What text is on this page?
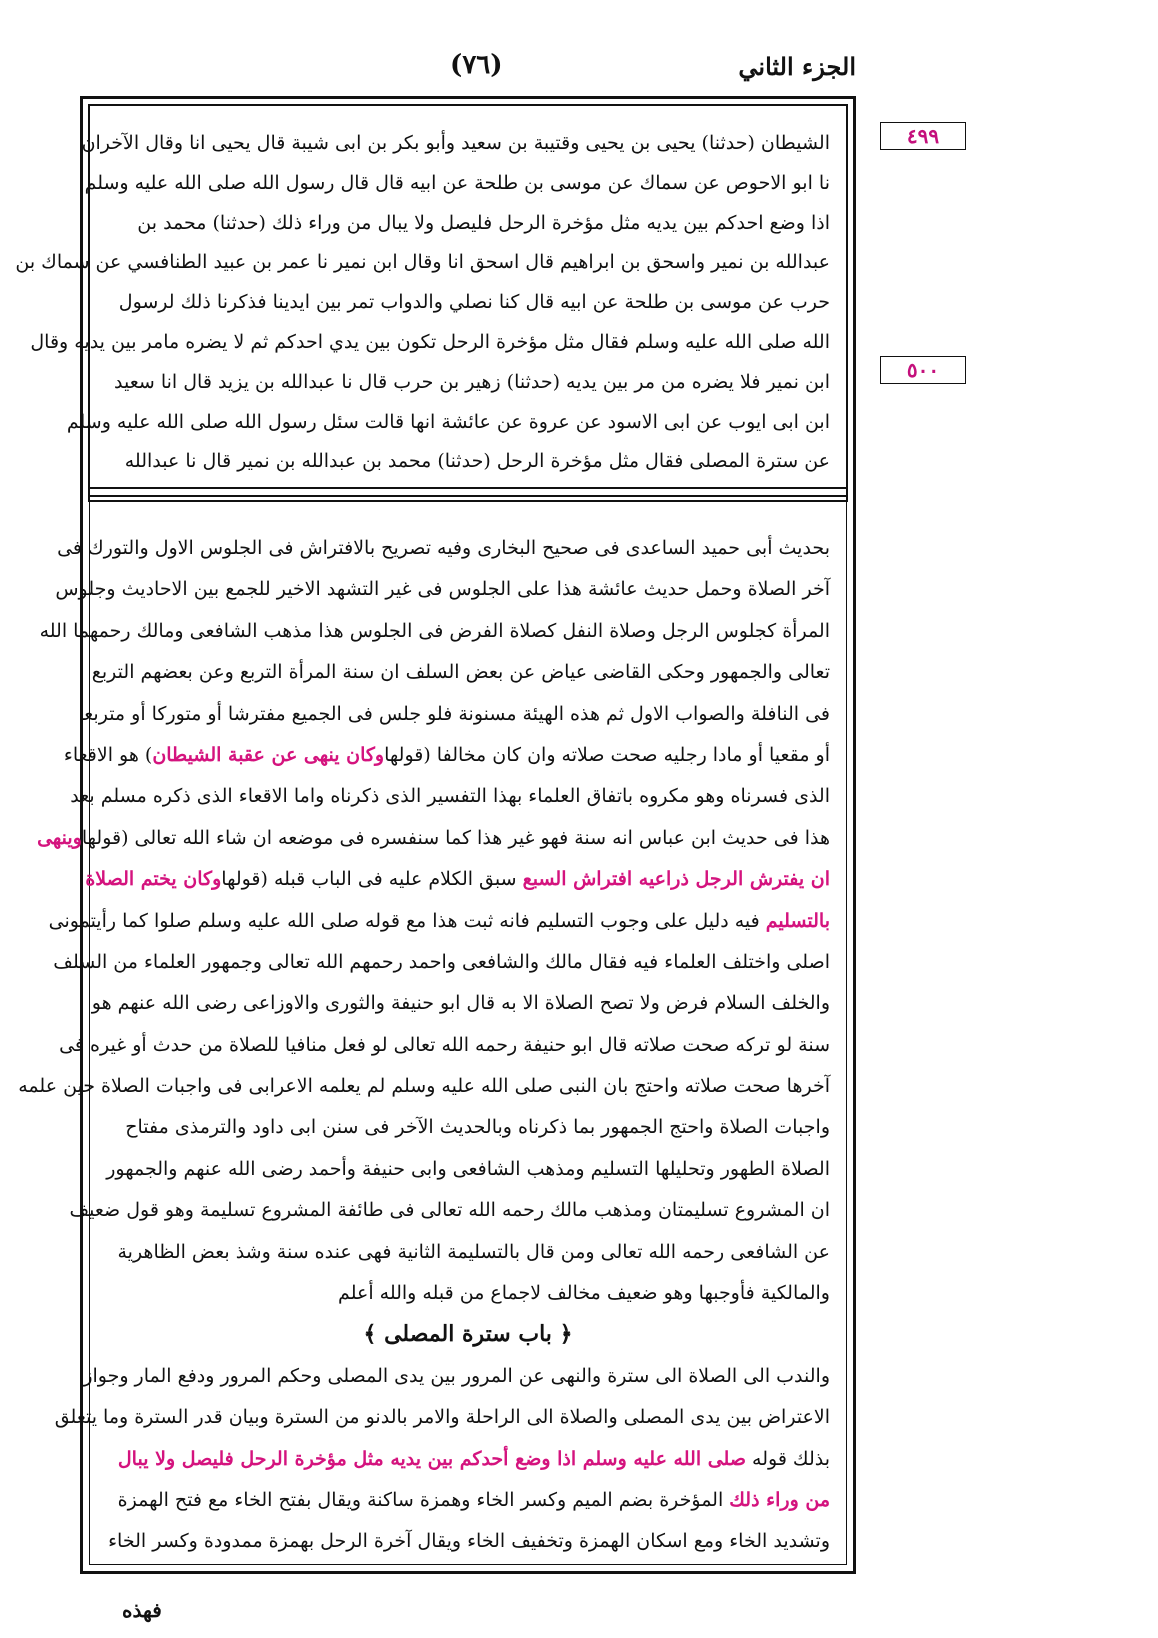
الجزء الثاني
(٧٦)
٤٩٩
٥٠٠
الشيطان (حدثنا) يحيى بن يحيى وقتيبة بن سعيد وأبو بكر بن ابى شيبة قال يحيى انا وقال الآخران
نا ابو الاحوص عن سماك عن موسى بن طلحة عن ابيه قال قال رسول الله صلى الله عليه وسلم
اذا وضع احدكم بين يديه مثل مؤخرة الرحل فليصل ولا يبال من وراء ذلك (حدثنا) محمد بن
عبدالله بن نمير واسحق بن ابراهيم قال اسحق انا وقال ابن نمير نا عمر بن عبيد الطنافسي عن سماك بن
حرب عن موسى بن طلحة عن ابيه قال كنا نصلي والدواب تمر بين ايدينا فذكرنا ذلك لرسول
الله صلى الله عليه وسلم فقال مثل مؤخرة الرحل تكون بين يدي احدكم ثم لا يضره مامر بين يديه وقال
ابن نمير فلا يضره من مر بين يديه (حدثنا) زهير بن حرب قال نا عبدالله بن يزيد قال انا سعيد
ابن ابى ايوب عن ابى الاسود عن عروة عن عائشة انها قالت سئل رسول الله صلى الله عليه وسلم
عن سترة المصلى فقال مثل مؤخرة الرحل (حدثنا) محمد بن عبدالله بن نمير قال نا عبدالله
بحديث أبى حميد الساعدى فى صحيح البخارى وفيه تصريح بالافتراش فى الجلوس الاول والتورك فى
آخر الصلاة وحمل حديث عائشة هذا على الجلوس فى غير التشهد الاخير للجمع بين الاحاديث وجلوس
المرأة كجلوس الرجل وصلاة النفل كصلاة الفرض فى الجلوس هذا مذهب الشافعى ومالك رحمهما الله
تعالى والجمهور وحكى القاضى عياض عن بعض السلف ان سنة المرأة التربع وعن بعضهم التربع
فى النافلة والصواب الاول ثم هذه الهيئة مسنونة فلو جلس فى الجميع مفترشا أو متوركا أو متربعا
أو مقعيا أو مادا رجليه صحت صلاته وان كان مخالفا (قولهاوكان ينهى عن عقبة الشيطان) هو الاقعاء
الذى فسرناه وهو مكروه باتفاق العلماء بهذا التفسير الذى ذكرناه واما الاقعاء الذى ذكره مسلم بعد
هذا فى حديث ابن عباس انه سنة فهو غير هذا كما سنفسره فى موضعه ان شاء الله تعالى (قولهاوينهى
ان يفترش الرجل ذراعيه افتراش السبع سبق الكلام عليه فى الباب قبله (قولهاوكان يختم الصلاة
بالتسليم فيه دليل على وجوب التسليم فانه ثبت هذا مع قوله صلى الله عليه وسلم صلوا كما رأيتمونى
اصلى واختلف العلماء فيه فقال مالك والشافعى واحمد رحمهم الله تعالى وجمهور العلماء من السلف
والخلف السلام فرض ولا تصح الصلاة الا به قال ابو حنيفة والثورى والاوزاعى رضى الله عنهم هو
سنة لو تركه صحت صلاته قال ابو حنيفة رحمه الله تعالى لو فعل منافيا للصلاة من حدث أو غيره فى
آخرها صحت صلاته واحتج بان النبى صلى الله عليه وسلم لم يعلمه الاعرابى فى واجبات الصلاة حين علمه
واجبات الصلاة واحتج الجمهور بما ذكرناه وبالحديث الآخر فى سنن ابى داود والترمذى مفتاح
الصلاة الطهور وتحليلها التسليم ومذهب الشافعى وابى حنيفة وأحمد رضى الله عنهم والجمهور
ان المشروع تسليمتان ومذهب مالك رحمه الله تعالى فى طائفة المشروع تسليمة وهو قول ضعيف
عن الشافعى رحمه الله تعالى ومن قال بالتسليمة الثانية فهى عنده سنة وشذ بعض الظاهرية
والمالكية فأوجبها وهو ضعيف مخالف لاجماع من قبله والله أعلم
﴿ باب سترة المصلى ﴾
والندب الى الصلاة الى سترة والنهى عن المرور بين يدى المصلى وحكم المرور ودفع المار وجواز
الاعتراض بين يدى المصلى والصلاة الى الراحلة والامر بالدنو من السترة وبيان قدر السترة وما يتعلق
بذلك قوله صلى الله عليه وسلم اذا وضع أحدكم بين يديه مثل مؤخرة الرحل فليصل ولا يبال
من وراء ذلك المؤخرة بضم الميم وكسر الخاء وهمزة ساكنة ويقال بفتح الخاء مع فتح الهمزة
وتشديد الخاء ومع اسكان الهمزة وتخفيف الخاء ويقال آخرة الرحل بهمزة ممدودة وكسر الخاء
فهذه
